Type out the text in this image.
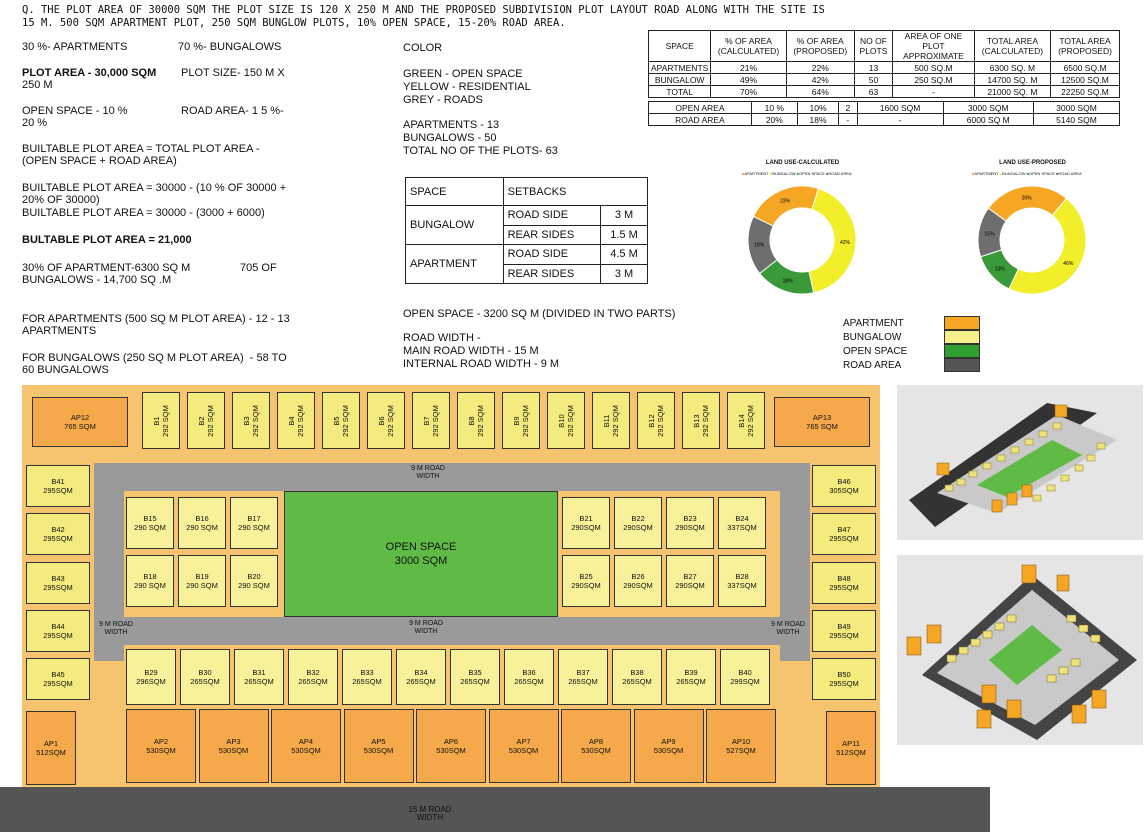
Q. THE PLOT AREA OF 30000 SQM THE PLOT SIZE IS 120 X 250 M AND THE PROPOSED SUBDIVISION PLOT LAYOUT ROAD ALONG WITH THE SITE IS
15 M. 500 SQM APARTMENT PLOT, 250 SQM BUNGLOW PLOTS, 10% OPEN SPACE, 15-20% ROAD AREA.
30 %- APARTMENTS	70 %- BUNGALOWS
PLOT AREA - 30,000 SQM PLOT SIZE- 150 M X
250 M
OPEN SPACE - 10 %	ROAD AREA- 1 5 %-
20 %
BUILTABLE PLOT AREA = TOTAL PLOT AREA -
(OPEN SPACE + ROAD AREA)
BUILTABLE PLOT AREA = 30000 - (10 % OF 30000 +
20% OF 30000)
BUILTABLE PLOT AREA = 30000 - (3000 + 6000)
BULTABLE PLOT AREA = 21,000
30% OF APARTMENT-6300 SQ M	705 OF
BUNGALOWS - 14,700 SQ .M
FOR APARTMENTS (500 SQ M PLOT AREA) - 12 - 13
APARTMENTS
FOR BUNGALOWS (250 SQ M PLOT AREA)  - 58 TO
60 BUNGALOWS
COLOR
GREEN - OPEN SPACE
YELLOW - RESIDENTIAL
GREY - ROADS
APARTMENTS - 13
BUNGALOWS - 50
TOTAL NO OF THE PLOTS- 63
SPACE	SETBACKS	
BUNGALOW	ROAD SIDE	3 M
	REAR SIDES	1.5 M
APARTMENT	ROAD SIDE	4.5 M
	REAR SIDES	3 M
OPEN SPACE - 3200 SQ M (DIVIDED IN TWO PARTS)
ROAD WIDTH -
MAIN ROAD WIDTH - 15 M
INTERNAL ROAD WIDTH - 9 M
SPACE	% OF AREA (CALCULATED)	% OF AREA (PROPOSED)	NO OF PLOTS	AREA OF ONE PLOT APPROXIMATE	TOTAL AREA (CALCULATED)	TOTAL AREA (PROPOSED)
APARTMENTS	21%	22%	13	500 SQ.M	6300 SQ. M	6500 SQ.M
BUNGALOW	49%	42%	50	250 SQ.M	14700 SQ. M	12500 SQ.M
TOTAL	70%	64%	63	-	21000 SQ. M	22250 SQ.M
OPEN AREA	10 %	10%	2	1600 SQM	3000 SQM	3000 SQM
ROAD AREA	20%	18%	-	-	6000 SQ M	5140 SQM
LAND USE-CALCULATED
■APARTMENT ■BUNGALOW ■OPEN SPACE ■ROAD AREA
23%
42%
18%
18%
LAND USE-PROPOSED
■APARTMENT ■BUNGALOW ■OPEN SPACE ■ROAD AREA
26%
46%
13%
15%
APARTMENT
BUNGALOW
OPEN SPACE
ROAD AREA
9 M ROAD
WIDTH
9 M ROAD
WIDTH
9 M ROAD
WIDTH
9 M ROAD
WIDTH
AP12
765 SQM
B1
292 SQM	B2
292 SQM	B3
292 SQM	B4
292 SQM	B5
292 SQM	B6
292 SQM	B7
292 SQM	B8
292 SQM	B9
292 SQM	B10
292 SQM	B11
292 SQM	B12
292 SQM	B13
292 SQM	B14
292 SQM	AP13
765 SQM
B41
295SQM
B42
295SQM
B43
295SQM
B44
295SQM
B45
295SQM
B46
305SQM
B47
295SQM
B48
295SQM
B49
295SQM
B50
295SQM
B15
290 SQM
B16
290 SQM
B17
290 SQM
B18
290 SQM
B19
290 SQM
B20
290 SQM
OPEN SPACE
3000 SQM
B21
290SQM
B22
290SQM
B23
290SQM
B24
337SQM
B25
290SQM
B26
290SQM
B27
290SQM
B28
337SQM
B29
296SQM
B30
265SQM
B31
265SQM
B32
265SQM
B33
265SQM
B34
265SQM
B35
265SQM
B36
265SQM
B37
265SQM
B38
265SQM
B39
265SQM
B40
299SQM
AP1
512SQM
AP2
530SQM
AP3
530SQM
AP4
530SQM
AP5
530SQM
AP6
530SQM
AP7
530SQM
AP8
530SQM
AP9
530SQM
AP10
527SQM
AP11
512SQM
15 M ROAD
WIDTH
